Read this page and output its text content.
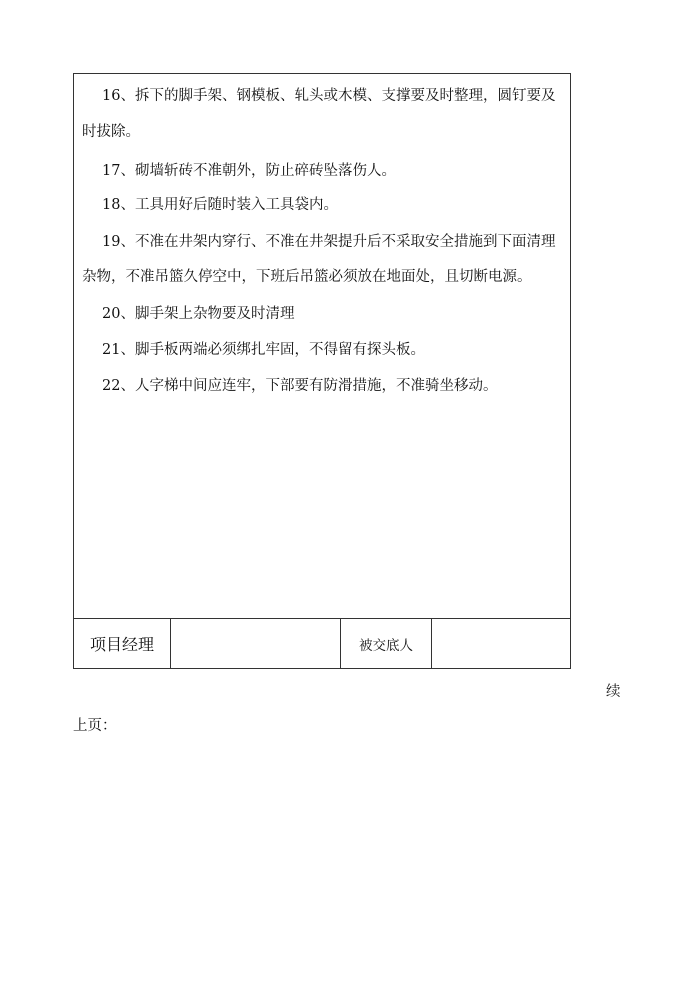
16、拆下的脚手架、钢模板、轧头或木模、支撑要及时整理，圆钉要及
时拔除。
17、砌墙斩砖不准朝外，防止碎砖坠落伤人。
18、工具用好后随时装入工具袋内。
19、不准在井架内穿行、不准在井架提升后不采取安全措施到下面清理
杂物，不准吊篮久停空中，下班后吊篮必须放在地面处，且切断电源。
20、脚手架上杂物要及时清理
21、脚手板两端必须绑扎牢固，不得留有探头板。
22、人字梯中间应连牢，下部要有防滑措施，不准骑坐移动。
项目经理	被交底人
续
上页：
